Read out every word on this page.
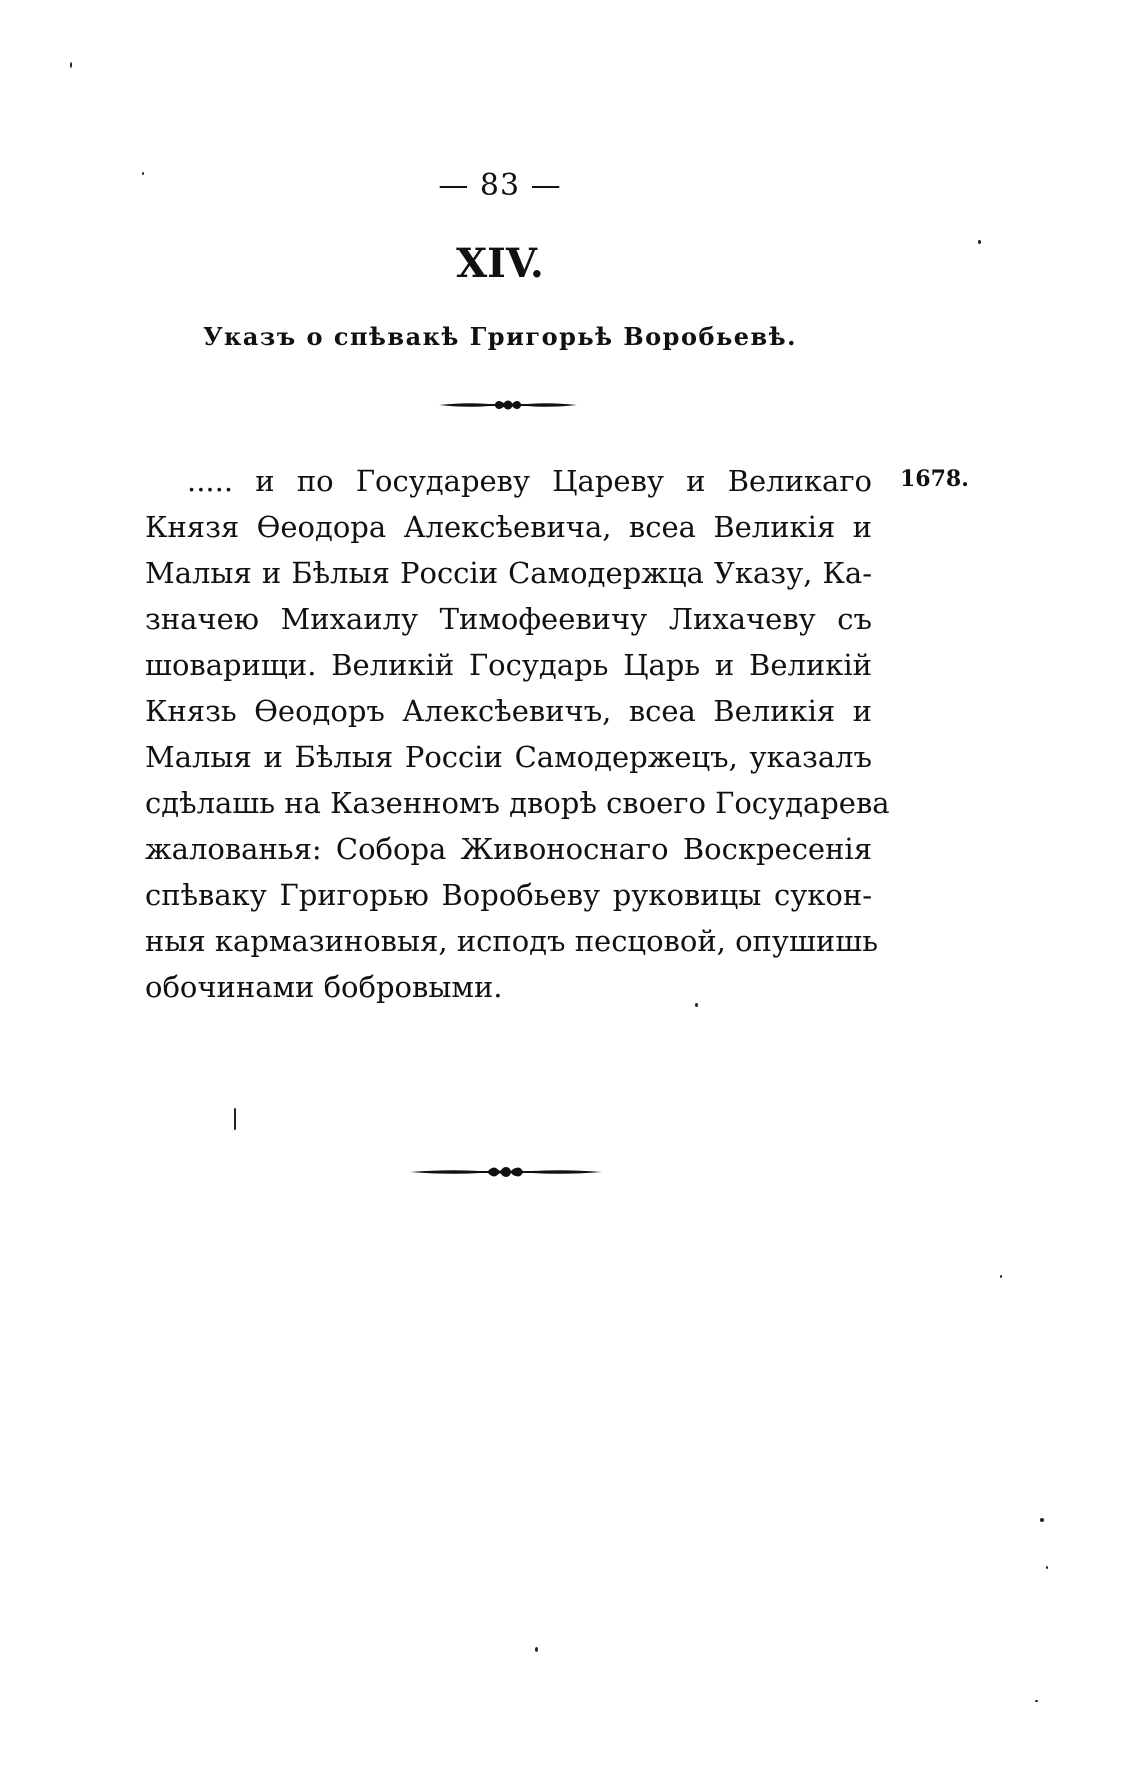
— 83 —
XIV.
Указъ о спѣвакѣ Григорьѣ Воробьевѣ.
..... и по Государеву Цареву и Великаго
Князя Өеодора Алексѣевича, всеа Великія и
Малыя и Бѣлыя Россіи Самодержца Указу, Ка-
значею Михаилу Тимофеевичу Лихачеву съ
шоварищи. Великій Государь Царь и Великій
Князь Өеодоръ Алексѣевичъ, всеа Великія и
Малыя и Бѣлыя Россіи Самодержецъ, указалъ
сдѣлашь на Казенномъ дворѣ своего Государева
жалованья: Собора Живоноснаго Воскресенія
спѣваку Григорью Воробьеву руковицы сукон-
ныя кармазиновыя, исподъ песцовой, опушишь
обочинами бобровыми.
1678.
